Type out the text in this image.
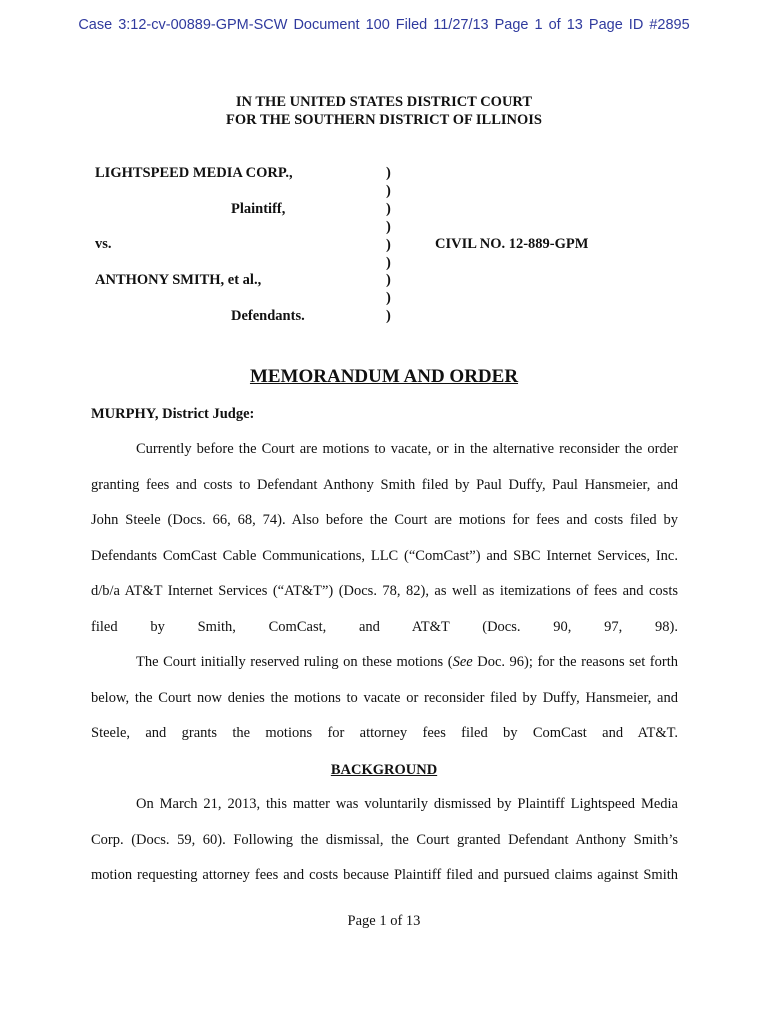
Case 3:12-cv-00889-GPM-SCW Document 100 Filed 11/27/13 Page 1 of 13 Page ID #2895
IN THE UNITED STATES DISTRICT COURT
FOR THE SOUTHERN DISTRICT OF ILLINOIS
LIGHTSPEED MEDIA CORP.,
Plaintiff,
vs.	CIVIL NO. 12-889-GPM
ANTHONY SMITH, et al.,
Defendants.
)
)
)
)
)
)
)
)
)
MEMORANDUM AND ORDER
MURPHY, District Judge:
Currently before the Court are motions to vacate, or in the alternative reconsider the order
granting fees and costs to Defendant Anthony Smith filed by Paul Duffy, Paul Hansmeier, and
John Steele (Docs. 66, 68, 74). Also before the Court are motions for fees and costs filed by
Defendants ComCast Cable Communications, LLC (“ComCast”) and SBC Internet Services, Inc.
d/b/a AT&T Internet Services (“AT&T”) (Docs. 78, 82), as well as itemizations of fees and costs
filed by Smith, ComCast, and AT&T (Docs. 90, 97, 98).
The Court initially reserved ruling on these motions (See Doc. 96); for the reasons set forth
below, the Court now denies the motions to vacate or reconsider filed by Duffy, Hansmeier, and
Steele, and grants the motions for attorney fees filed by ComCast and AT&T.
BACKGROUND
On March 21, 2013, this matter was voluntarily dismissed by Plaintiff Lightspeed Media
Corp. (Docs. 59, 60). Following the dismissal, the Court granted Defendant Anthony Smith’s
motion requesting attorney fees and costs because Plaintiff filed and pursued claims against Smith
Page 1 of 13
